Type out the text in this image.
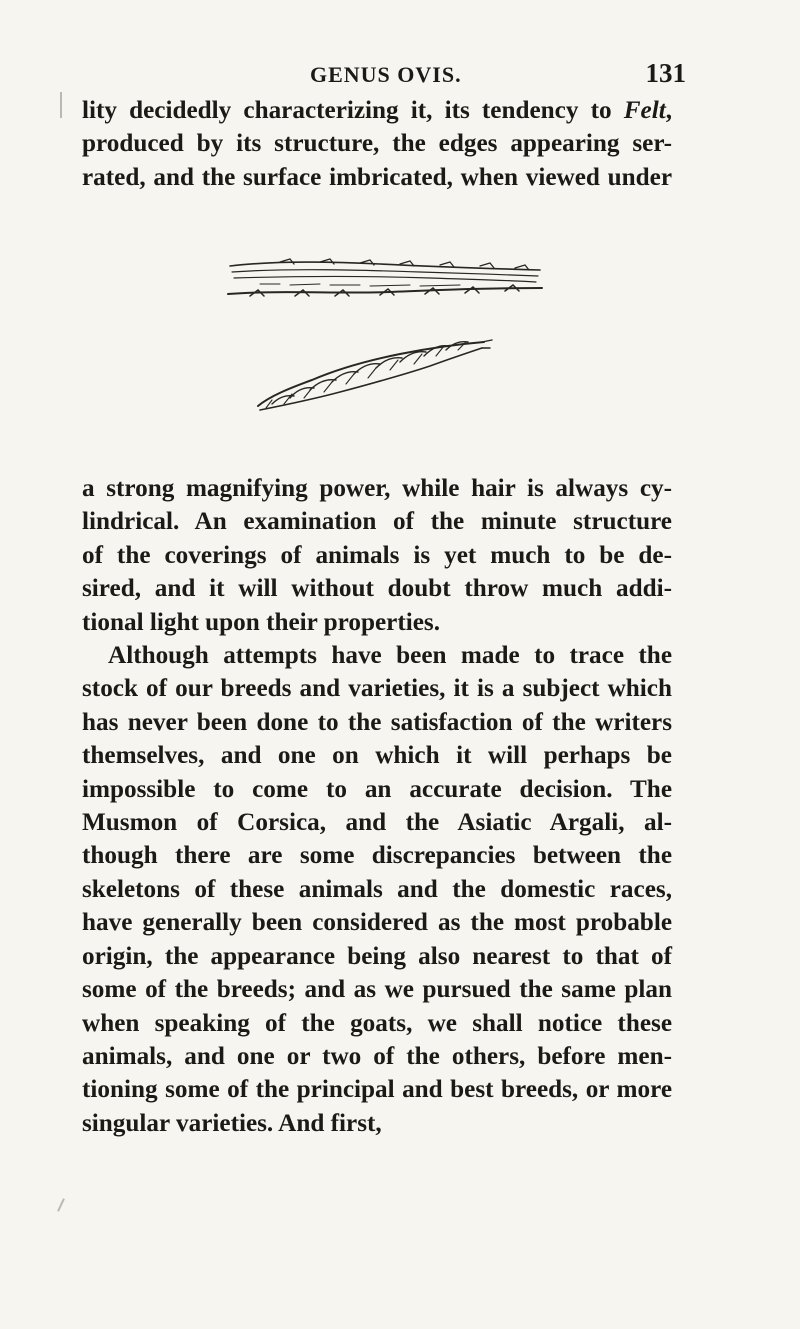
GENUS OVIS.	131
lity decidedly characterizing it, its tendency to Felt,
produced by its structure, the edges appearing ser-
rated, and the surface imbricated, when viewed under
a strong magnifying power, while hair is always cy-
lindrical. An examination of the minute structure
of the coverings of animals is yet much to be de-
sired, and it will without doubt throw much addi-
tional light upon their properties.
Although attempts have been made to trace the
stock of our breeds and varieties, it is a subject which
has never been done to the satisfaction of the writers
themselves, and one on which it will perhaps be
impossible to come to an accurate decision. The
Musmon of Corsica, and the Asiatic Argali, al-
though there are some discrepancies between the
skeletons of these animals and the domestic races,
have generally been considered as the most probable
origin, the appearance being also nearest to that of
some of the breeds; and as we pursued the same plan
when speaking of the goats, we shall notice these
animals, and one or two of the others, before men-
tioning some of the principal and best breeds, or more
singular varieties. And first,
